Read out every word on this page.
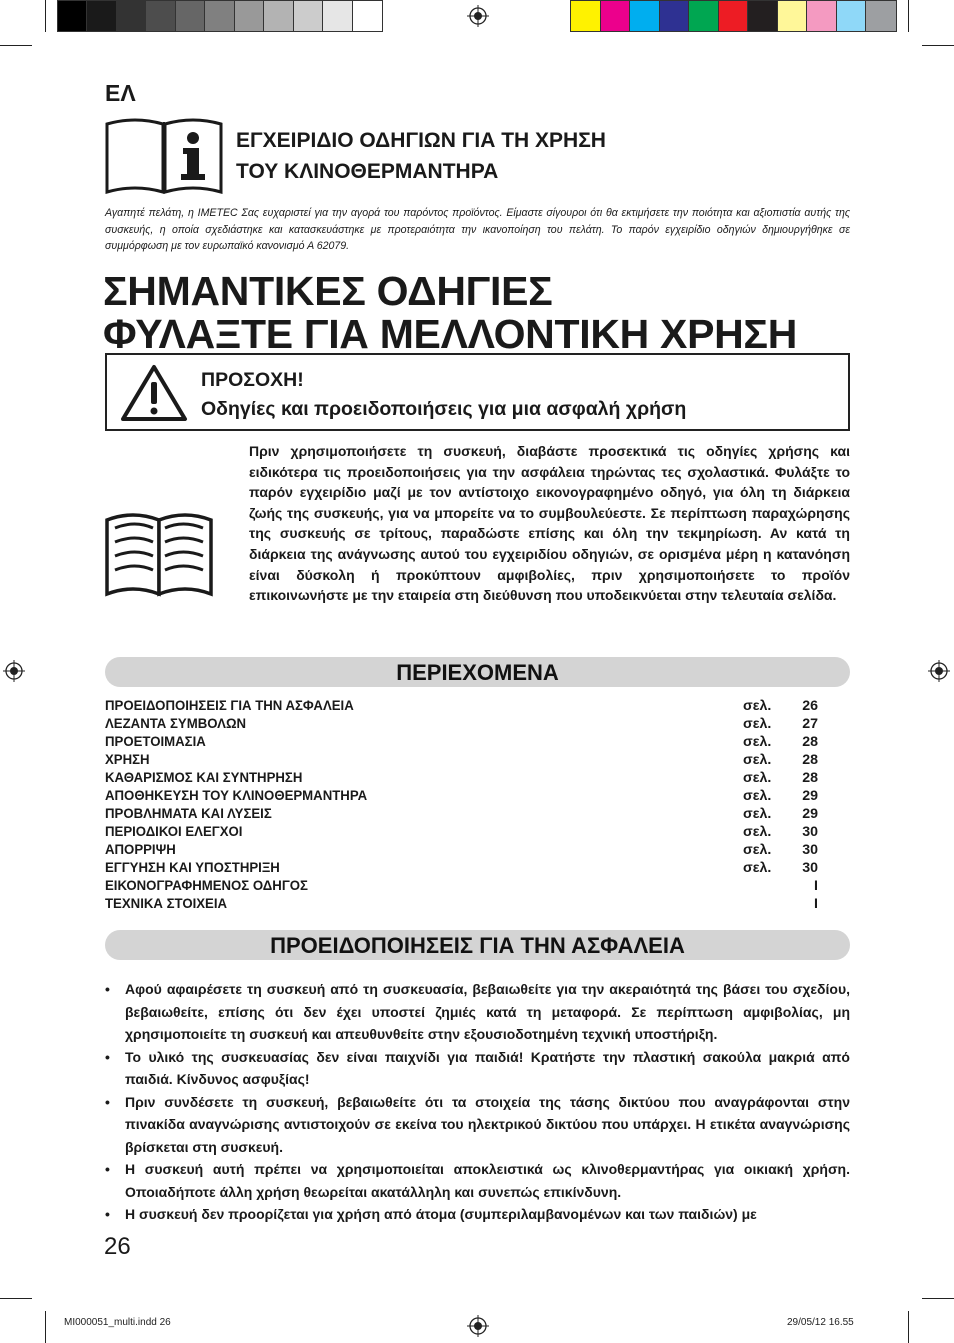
ΕΛ
ΕΓΧΕΙΡΙΔΙΟ ΟΔΗΓΙΩΝ ΓΙΑ ΤΗ ΧΡΗΣΗ
ΤΟΥ ΚΛΙΝΟΘΕΡΜΑΝΤΗΡΑ
Αγαπητέ πελάτη, η IMETEC Σας ευχαριστεί για την αγορά του παρόντος προϊόντος. Είμαστε σίγουροι ότι θα εκτιμήσετε την ποιότητα και αξιοπιστία αυτής της συσκευής, η οποία σχεδιάστηκε και κατασκευάστηκε με προτεραιότητα την ικανοποίηση του πελάτη. Το παρόν εγχειρίδιο οδηγιών δημιουργήθηκε σε συμμόρφωση με τον ευρωπαϊκό κανονισμό Α 62079.
ΣΗΜΑΝΤΙΚΕΣ ΟΔΗΓΙΕΣ
ΦΥΛΑΞΤΕ ΓΙΑ ΜΕΛΛΟΝΤΙΚΗ ΧΡΗΣΗ
ΠΡΟΣΟΧΗ!
Οδηγίες και προειδοποιήσεις για μια ασφαλή χρήση
Πριν χρησιμοποιήσετε τη συσκευή, διαβάστε προσεκτικά τις οδηγίες χρήσης και ειδικότερα τις προειδοποιήσεις για την ασφάλεια τηρώντας τες σχολαστικά. Φυλάξτε το παρόν εγχειρίδιο μαζί με τον αντίστοιχο εικονογραφημένο οδηγό, για όλη τη διάρκεια ζωής της συσκευής, για να μπορείτε να το συμβουλεύεστε. Σε περίπτωση παραχώρησης της συσκευής σε τρίτους, παραδώστε επίσης και όλη την τεκμηρίωση. Αν κατά τη διάρκεια της ανάγνωσης αυτού του εγχειριδίου οδηγιών, σε ορισμένα μέρη η κατανόηση είναι δύσκολη ή προκύπτουν αμφιβολίες, πριν χρησιμοποιήσετε το προϊόν επικοινωνήστε με την εταιρεία στη διεύθυνση που υποδεικνύεται στην τελευταία σελίδα.
ΠΕΡΙΕΧΟΜΕΝΑ
ΠΡΟΕΙΔΟΠΟΙΗΣΕΙΣ ΓΙΑ ΤΗΝ ΑΣΦΑΛΕΙΑ	σελ.	26
ΛΕΖΑΝΤΑ ΣΥΜΒΟΛΩΝ	σελ.	27
ΠΡΟΕΤΟΙΜΑΣΙΑ	σελ.	28
ΧΡΗΣΗ	σελ.	28
ΚΑΘΑΡΙΣΜΟΣ ΚΑΙ ΣΥΝΤΗΡΗΣΗ	σελ.	28
ΑΠΟΘΗΚΕΥΣΗ ΤΟΥ ΚΛΙΝΟΘΕΡΜΑΝΤΗΡΑ	σελ.	29
ΠΡΟΒΛΗΜΑΤΑ ΚΑΙ ΛΥΣΕΙΣ	σελ.	29
ΠΕΡΙΟΔΙΚΟΙ ΕΛΕΓΧΟΙ	σελ.	30
ΑΠΟΡΡΙΨΗ	σελ.	30
ΕΓΓΥΗΣΗ ΚΑΙ ΥΠΟΣΤΗΡΙΞΗ	σελ.	30
ΕΙΚΟΝΟΓΡΑΦΗΜΕΝΟΣ ΟΔΗΓΟΣ	I
ΤΕΧΝΙΚΑ ΣΤΟΙΧΕΙΑ	I
ΠΡΟΕΙΔΟΠΟΙΗΣΕΙΣ ΓΙΑ ΤΗΝ ΑΣΦΑΛΕΙΑ
• Αφού αφαιρέσετε τη συσκευή από τη συσκευασία, βεβαιωθείτε για την ακεραιότητά της βάσει του σχεδίου, βεβαιωθείτε, επίσης ότι δεν έχει υποστεί ζημιές κατά τη μεταφορά. Σε περίπτωση αμφιβολίας, μη χρησιμοποιείτε τη συσκευή και απευθυνθείτε στην εξουσιοδοτημένη τεχνική υποστήριξη.
• Το υλικό της συσκευασίας δεν είναι παιχνίδι για παιδιά! Κρατήστε την πλαστική σακούλα μακριά από παιδιά. Κίνδυνος ασφυξίας!
• Πριν συνδέσετε τη συσκευή, βεβαιωθείτε ότι τα στοιχεία της τάσης δικτύου που αναγράφονται στην πινακίδα αναγνώρισης αντιστοιχούν σε εκείνα του ηλεκτρικού δικτύου που υπάρχει. Η ετικέτα αναγνώρισης βρίσκεται στη συσκευή.
• Η συσκευή αυτή πρέπει να χρησιμοποιείται αποκλειστικά ως κλινοθερμαντήρας για οικιακή χρήση. Οποιαδήποτε άλλη χρήση θεωρείται ακατάλληλη και συνεπώς επικίνδυνη.
• Η συσκευή δεν προορίζεται για χρήση από άτομα (συμπεριλαμβανομένων και των παιδιών) με
26
MI000051_multi.indd 26	29/05/12 16.55
